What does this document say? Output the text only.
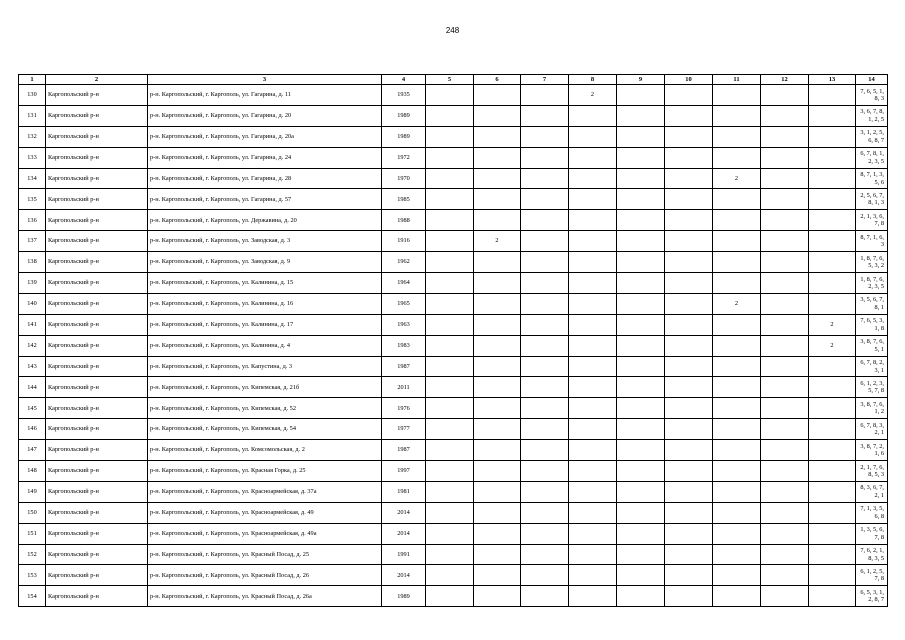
248
1	2	3	4	5	6	7	8	9	10	11	12	13	14
130	Каргопольский р-н	р-н. Каргопольский, г. Каргополь, ул. Гагарина, д. 11	1935				2						7, 6, 5, 1, 8, 3
131	Каргопольский р-н	р-н. Каргопольский, г. Каргополь, ул. Гагарина, д. 20	1989										3, 6, 7, 8, 1, 2, 5
132	Каргопольский р-н	р-н. Каргопольский, г. Каргополь, ул. Гагарина, д. 20а	1989										3, 1, 2, 5, 6, 8, 7
133	Каргопольский р-н	р-н. Каргопольский, г. Каргополь, ул. Гагарина, д. 24	1972										6, 7, 8, 1, 2, 3, 5
134	Каргопольский р-н	р-н. Каргопольский, г. Каргополь, ул. Гагарина, д. 28	1970							2			8, 7, 1, 3, 5, 6
135	Каргопольский р-н	р-н. Каргопольский, г. Каргополь, ул. Гагарина, д. 57	1985										2, 5, 6, 7, 8, 1, 3
136	Каргопольский р-н	р-н. Каргопольский, г. Каргополь, ул. Державина, д. 20	1988										2, 1, 3, 6, 7, 8
137	Каргопольский р-н	р-н. Каргопольский, г. Каргополь, ул. Заводская, д. 3	1916		2								8, 7, 1, 6, 3
138	Каргопольский р-н	р-н. Каргопольский, г. Каргополь, ул. Заводская, д. 9	1962										1, 8, 7, 6, 5, 3, 2
139	Каргопольский р-н	р-н. Каргопольский, г. Каргополь, ул. Калинина, д. 15	1964										1, 8, 7, 6, 2, 3, 5
140	Каргопольский р-н	р-н. Каргопольский, г. Каргополь, ул. Калинина, д. 16	1965							2			3, 5, 6, 7, 8, 1
141	Каргопольский р-н	р-н. Каргопольский, г. Каргополь, ул. Калинина, д. 17	1963									2	7, 6, 5, 3, 1, 8
142	Каргопольский р-н	р-н. Каргопольский, г. Каргополь, ул. Калинина, д. 4	1983									2	3, 8, 7, 6, 5, 1
143	Каргопольский р-н	р-н. Каргопольский, г. Каргополь, ул. Капустина, д. 3	1987										6, 7, 8, 2, 3, 1
144	Каргопольский р-н	р-н. Каргопольский, г. Каргополь, ул. Кипемская, д. 21б	2011										6, 1, 2, 3, 5, 7, 8
145	Каргопольский р-н	р-н. Каргопольский, г. Каргополь, ул. Кипемская, д. 52	1976										3, 8, 7, 6, 1, 2
146	Каргопольский р-н	р-н. Каргопольский, г. Каргополь, ул. Кипемская, д. 54	1977										6, 7, 8, 3, 2, 1
147	Каргопольский р-н	р-н. Каргопольский, г. Каргополь, ул. Комсомольская, д. 2	1987										3, 8, 7, 2, 1, 6
148	Каргопольский р-н	р-н. Каргопольский, г. Каргополь, ул. Красная Горка, д. 25	1997										2, 1, 7, 6, 8, 5, 3
149	Каргопольский р-н	р-н. Каргопольский, г. Каргополь, ул. Красноармейская, д. 37а	1981										8, 3, 6, 7, 2, 1
150	Каргопольский р-н	р-н. Каргопольский, г. Каргополь, ул. Красноармейская, д. 49	2014										7, 1, 3, 5, 6, 8
151	Каргопольский р-н	р-н. Каргопольский, г. Каргополь, ул. Красноармейская, д. 49а	2014										1, 3, 5, 6, 7, 8
152	Каргопольский р-н	р-н. Каргопольский, г. Каргополь, ул. Красный Посад, д. 25	1991										7, 6, 2, 1, 8, 3, 5
153	Каргопольский р-н	р-н. Каргопольский, г. Каргополь, ул. Красный Посад, д. 26	2014										6, 1, 2, 5, 7, 8
154	Каргопольский р-н	р-н. Каргопольский, г. Каргополь, ул. Красный Посад, д. 26а	1989										6, 5, 3, 1, 2, 8, 7
